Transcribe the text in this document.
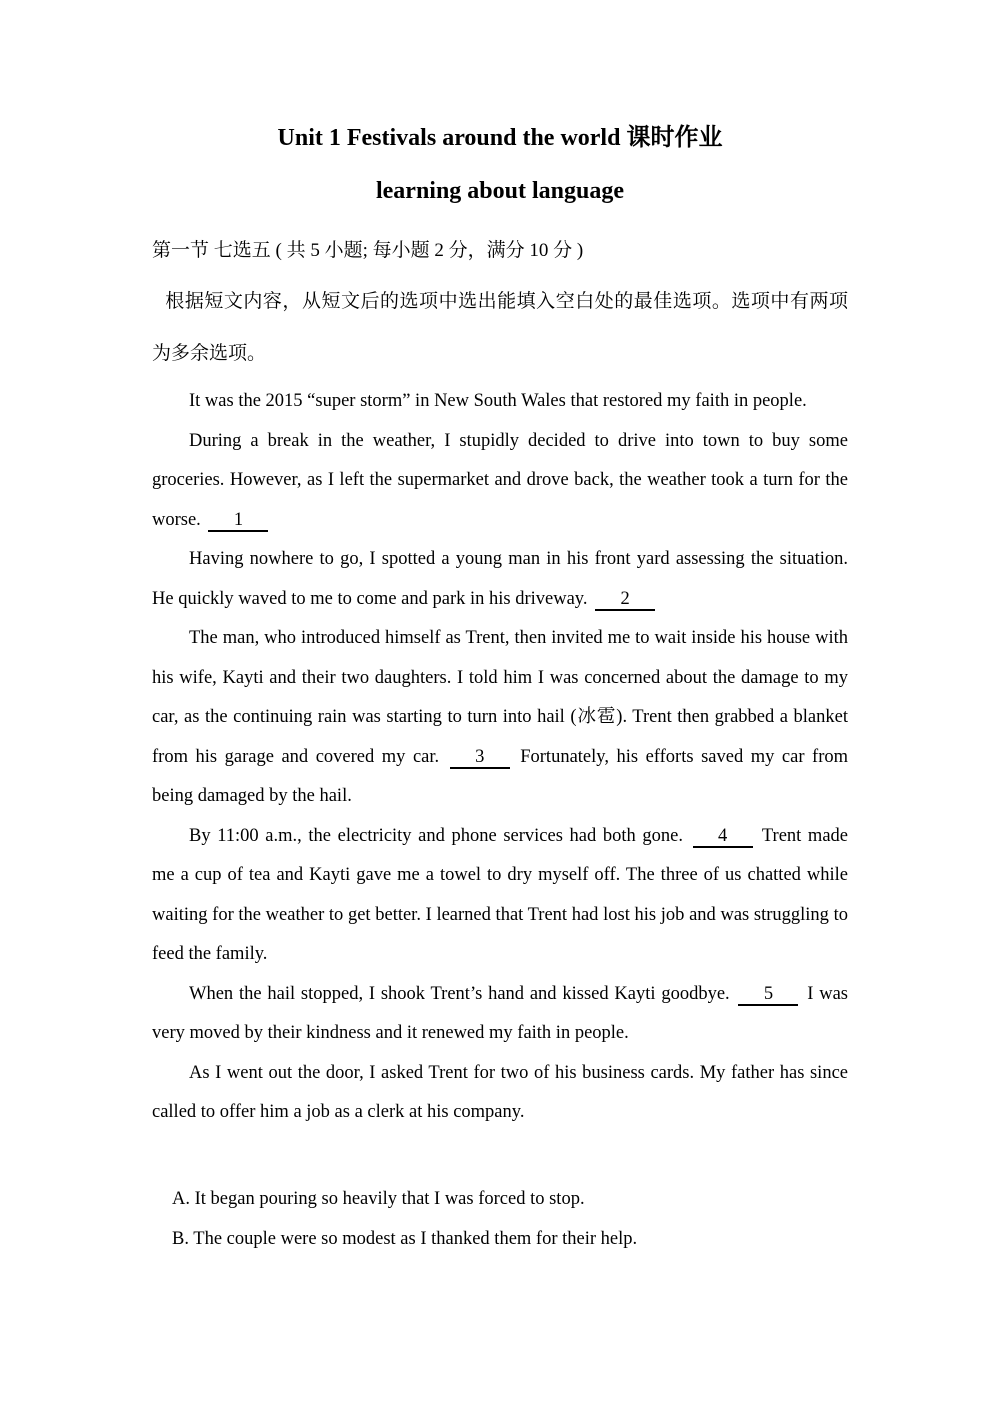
Unit 1 Festivals around the world 课时作业
learning about language

第一节 七选五 ( 共 5 小题; 每小题 2 分，满分 10 分 )

根据短文内容，从短文后的选项中选出能填入空白处的最佳选项。选项中有两项为多余选项。

It was the 2015 “super storm” in New South Wales that restored my faith in people.

During a break in the weather, I stupidly decided to drive into town to buy some groceries. However, as I left the supermarket and drove back, the weather took a turn for the worse. 1

Having nowhere to go, I spotted a young man in his front yard assessing the situation. He quickly waved to me to come and park in his driveway. 2

The man, who introduced himself as Trent, then invited me to wait inside his house with his wife, Kayti and their two daughters. I told him I was concerned about the damage to my car, as the continuing rain was starting to turn into hail (冰雹). Trent then grabbed a blanket from his garage and covered my car. 3 Fortunately, his efforts saved my car from being damaged by the hail.

By 11:00 a.m., the electricity and phone services had both gone. 4 Trent made me a cup of tea and Kayti gave me a towel to dry myself off. The three of us chatted while waiting for the weather to get better. I learned that Trent had lost his job and was struggling to feed the family.

When the hail stopped, I shook Trent’s hand and kissed Kayti goodbye. 5 I was very moved by their kindness and it renewed my faith in people.

As I went out the door, I asked Trent for two of his business cards. My father has since called to offer him a job as a clerk at his company.

A. It began pouring so heavily that I was forced to stop.

B. The couple were so modest as I thanked them for their help.
